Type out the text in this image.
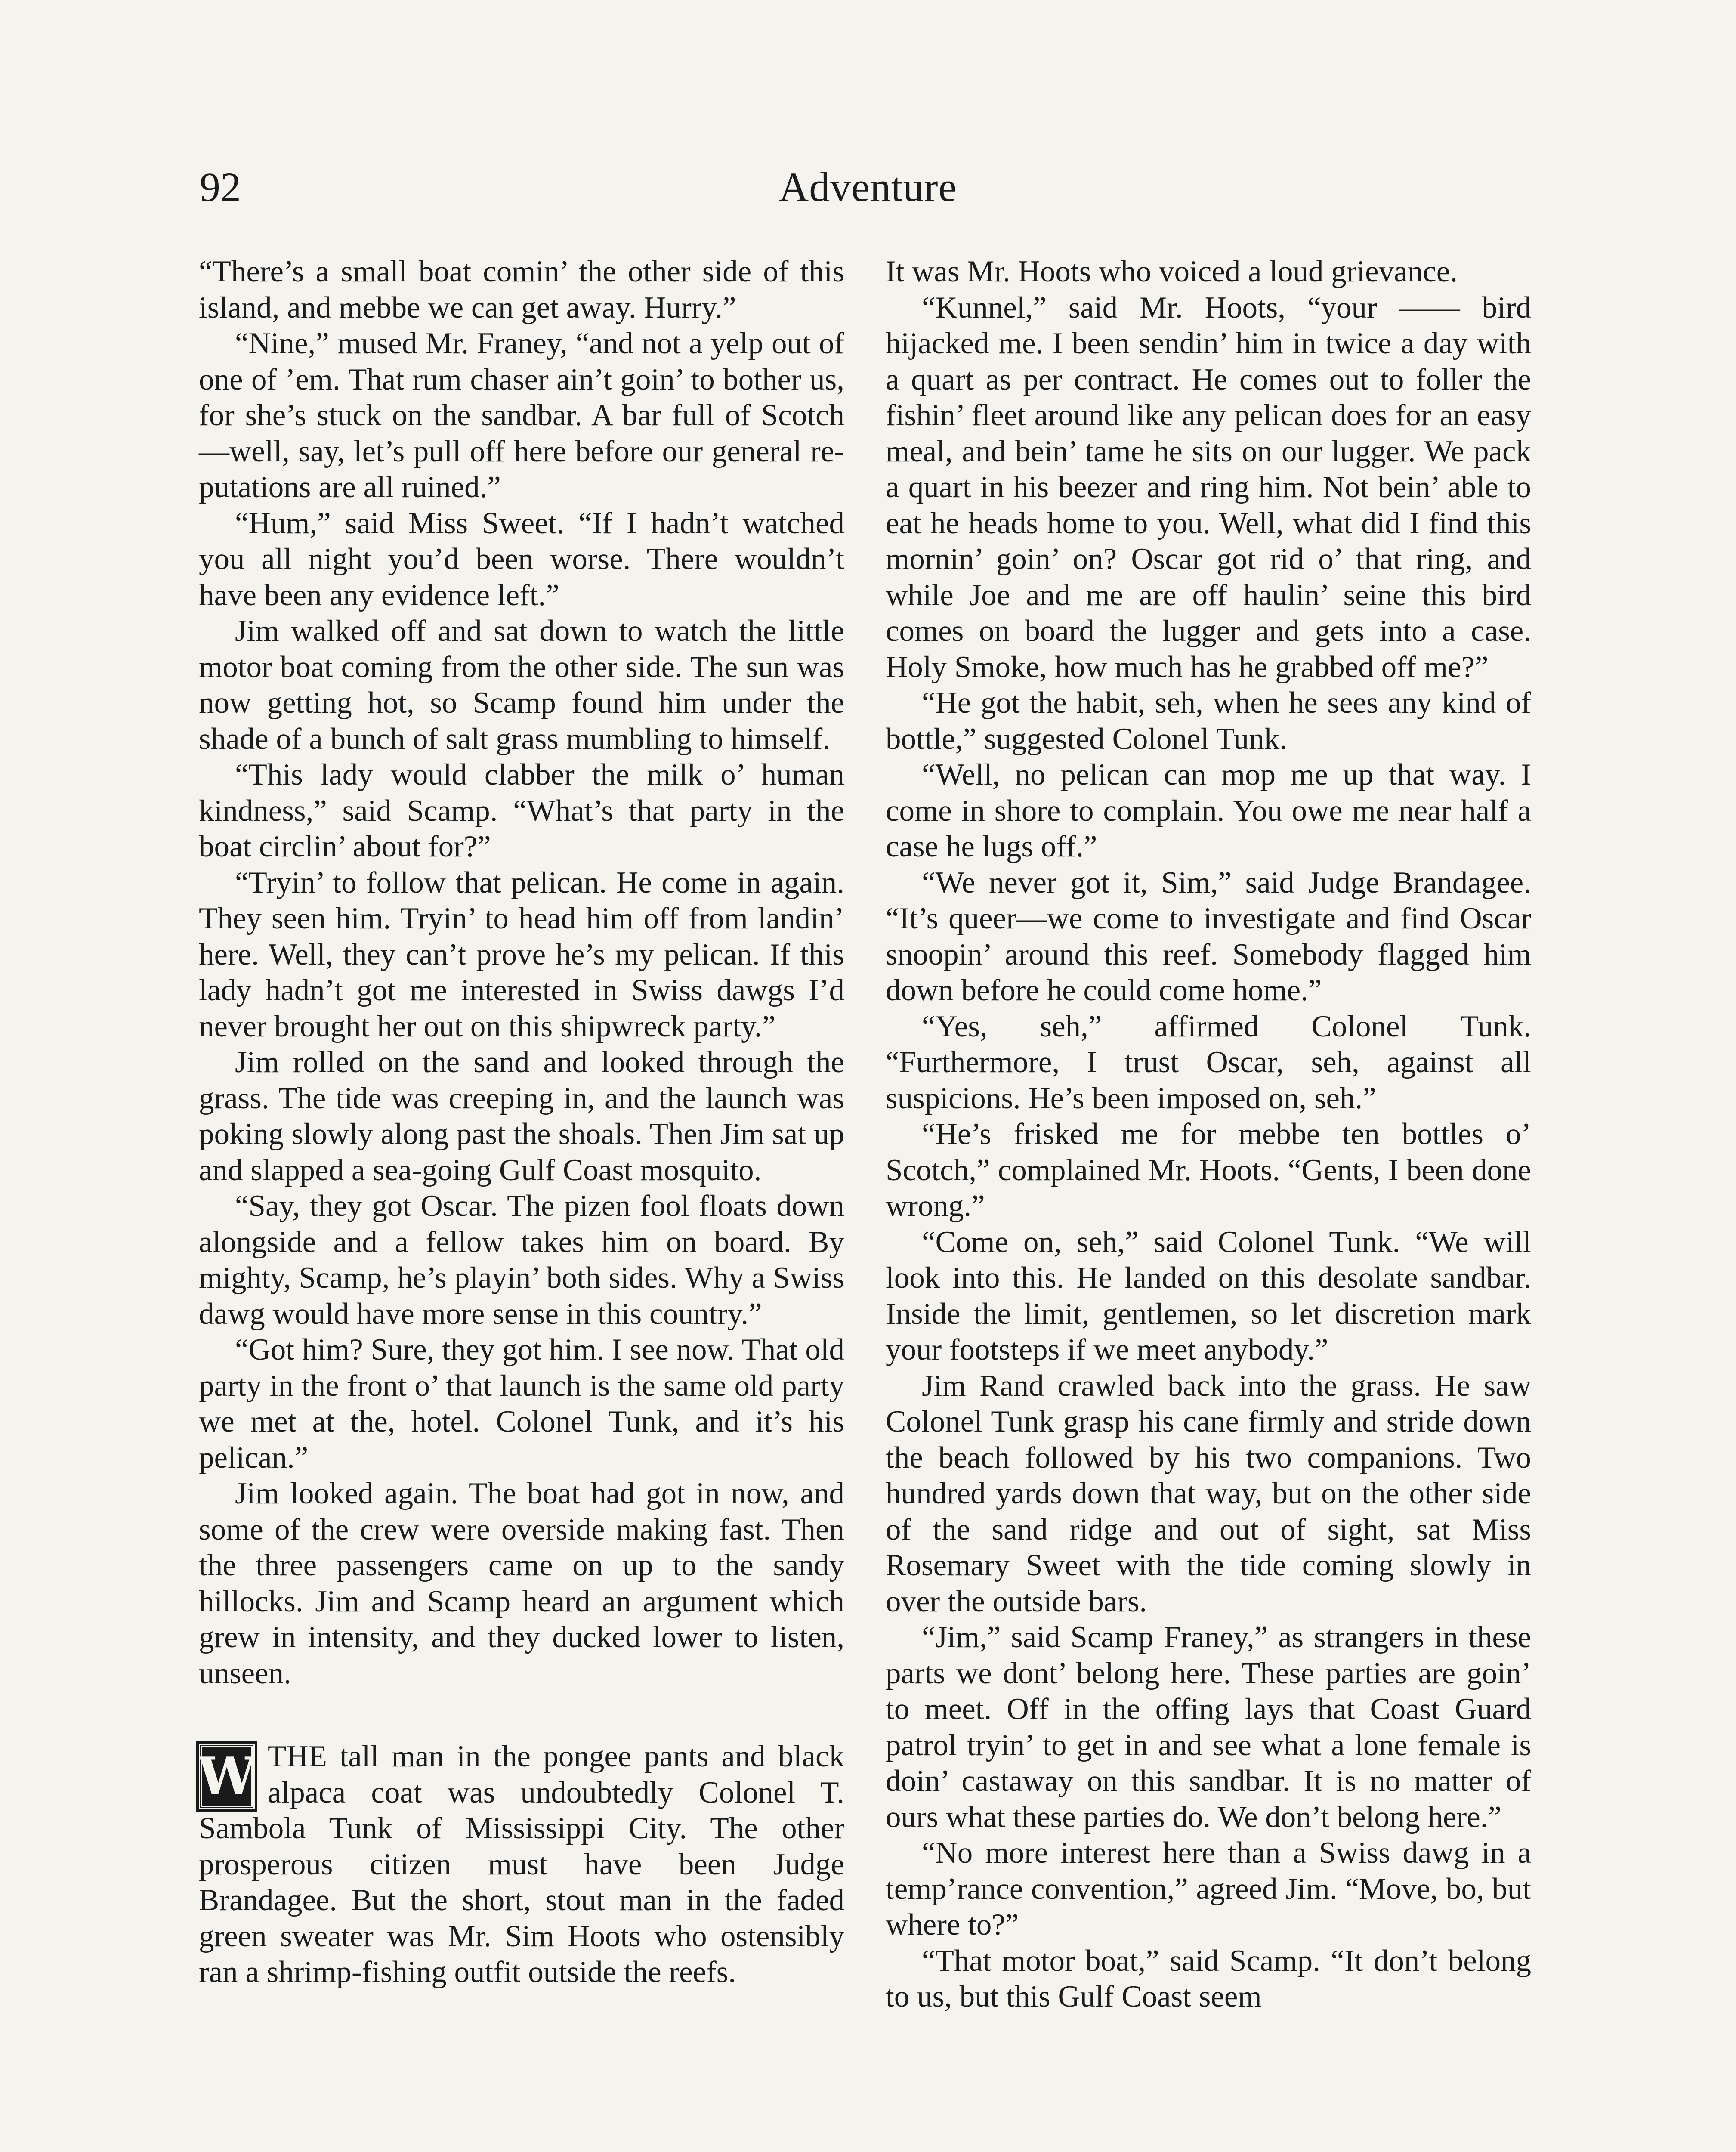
92	Adventure

“There’s a small boat comin’ the other side of this island, and mebbe we can get away. Hurry.”

“Nine,” mused Mr. Franey, “and not a yelp out of one of ’em. That rum chaser ain’t goin’ to bother us, for she’s stuck on the sandbar. A bar full of Scotch—well, say, let’s pull off here before our general reputations are all ruined.”

“Hum,” said Miss Sweet. “If I hadn’t watched you all night you’d been worse. There wouldn’t have been any evidence left.”

Jim walked off and sat down to watch the little motor boat coming from the other side. The sun was now getting hot, so Scamp found him under the shade of a bunch of salt grass mumbling to himself.

“This lady would clabber the milk o’ human kindness,” said Scamp. “What’s that party in the boat circlin’ about for?”

“Tryin’ to follow that pelican. He come in again. They seen him. Tryin’ to head him off from landin’ here. Well, they can’t prove he’s my pelican. If this lady hadn’t got me interested in Swiss dawgs I’d never brought her out on this shipwreck party.”

Jim rolled on the sand and looked through the grass. The tide was creeping in, and the launch was poking slowly along past the shoals. Then Jim sat up and slapped a sea-going Gulf Coast mosquito.

“Say, they got Oscar. The pizen fool floats down alongside and a fellow takes him on board. By mighty, Scamp, he’s playin’ both sides. Why a Swiss dawg would have more sense in this country.”

“Got him? Sure, they got him. I see now. That old party in the front o’ that launch is the same old party we met at the, hotel. Colonel Tunk, and it’s his pelican.”

Jim looked again. The boat had got in now, and some of the crew were overside making fast. Then the three passengers came on up to the sandy hillocks. Jim and Scamp heard an argument which grew in intensity, and they ducked lower to listen, unseen.

W THE tall man in the pongee pants and black alpaca coat was undoubtedly Colonel T. Sambola Tunk of Mississippi City. The other prosperous citizen must have been Judge Brandagee. But the short, stout man in the faded green sweater was Mr. Sim Hoots who ostensibly ran a shrimp-fishing outfit outside the reefs.

It was Mr. Hoots who voiced a loud grievance.

“Kunnel,” said Mr. Hoots, “your —— bird hijacked me. I been sendin’ him in twice a day with a quart as per contract. He comes out to foller the fishin’ fleet around like any pelican does for an easy meal, and bein’ tame he sits on our lugger. We pack a quart in his beezer and ring him. Not bein’ able to eat he heads home to you. Well, what did I find this mornin’ goin’ on? Oscar got rid o’ that ring, and while Joe and me are off haulin’ seine this bird comes on board the lugger and gets into a case. Holy Smoke, how much has he grabbed off me?”

“He got the habit, seh, when he sees any kind of bottle,” suggested Colonel Tunk.

“Well, no pelican can mop me up that way. I come in shore to complain. You owe me near half a case he lugs off.”

“We never got it, Sim,” said Judge Brandagee. “It’s queer—we come to investigate and find Oscar snoopin’ around this reef. Somebody flagged him down before he could come home.”

“Yes, seh,” affirmed Colonel Tunk. “Furthermore, I trust Oscar, seh, against all suspicions. He’s been imposed on, seh.”

“He’s frisked me for mebbe ten bottles o’ Scotch,” complained Mr. Hoots. “Gents, I been done wrong.”

“Come on, seh,” said Colonel Tunk. “We will look into this. He landed on this desolate sandbar. Inside the limit, gentlemen, so let discretion mark your footsteps if we meet anybody.”

Jim Rand crawled back into the grass. He saw Colonel Tunk grasp his cane firmly and stride down the beach followed by his two companions. Two hundred yards down that way, but on the other side of the sand ridge and out of sight, sat Miss Rosemary Sweet with the tide coming slowly in over the outside bars.

“Jim,” said Scamp Franey,” as strangers in these parts we dont’ belong here. These parties are goin’ to meet. Off in the offing lays that Coast Guard patrol tryin’ to get in and see what a lone female is doin’ castaway on this sandbar. It is no matter of ours what these parties do. We don’t belong here.”

“No more interest here than a Swiss dawg in a temp’rance convention,” agreed Jim. “Move, bo, but where to?”

“That motor boat,” said Scamp. “It don’t belong to us, but this Gulf Coast seem
